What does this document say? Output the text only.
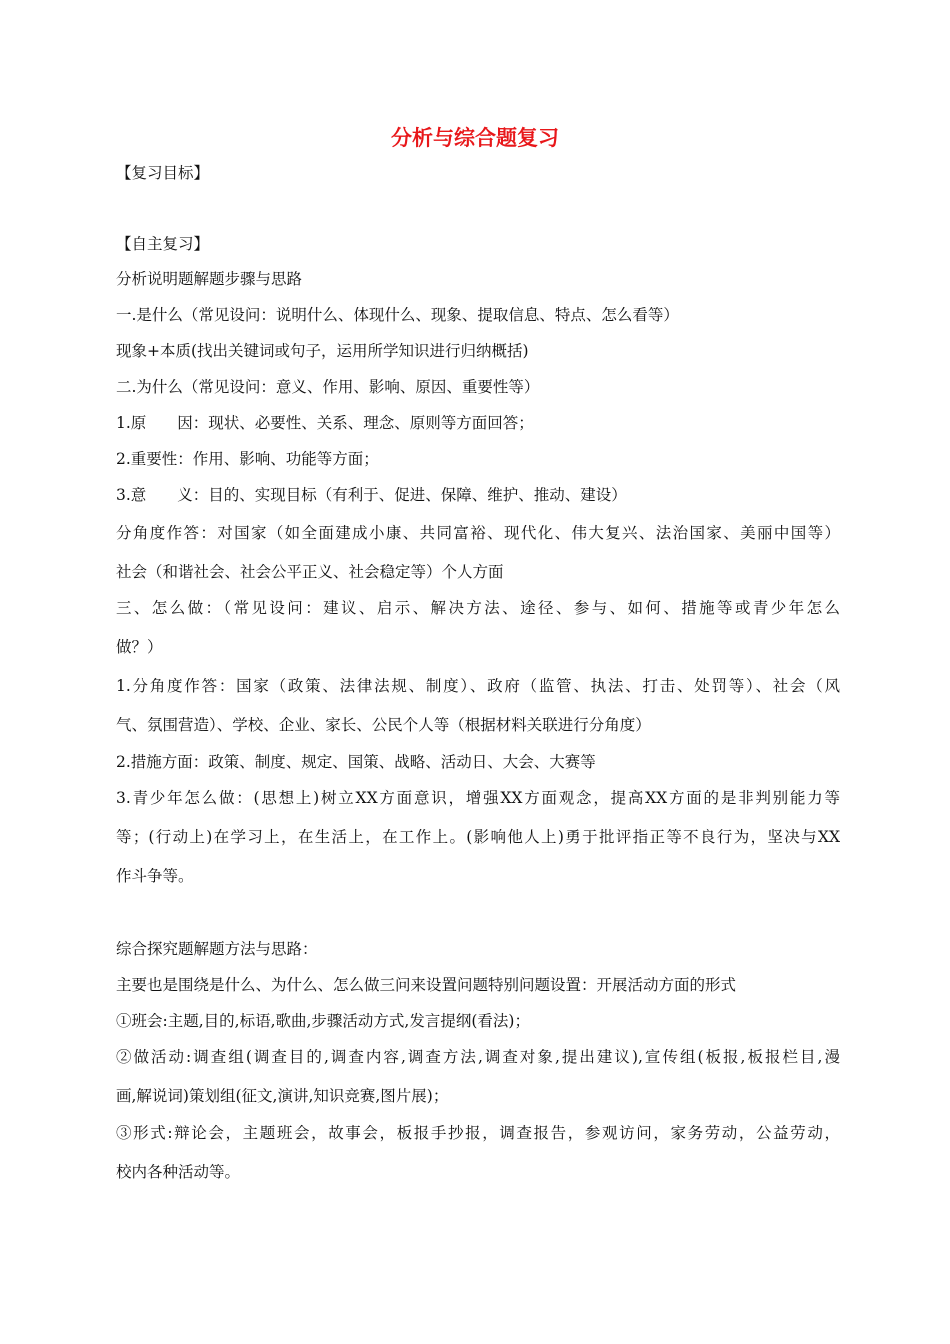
分析与综合题复习
【复习目标】
【自主复习】
分析说明题解题步骤与思路
一.是什么（常见设问：说明什么、体现什么、现象、提取信息、特点、怎么看等）
现象+本质(找出关键词或句子，运用所学知识进行归纳概括)
二.为什么（常见设问：意义、作用、影响、原因、重要性等）
1.原　　因：现状、必要性、关系、理念、原则等方面回答；
2.重要性：作用、影响、功能等方面；
3.意　　义：目的、实现目标（有利于、促进、保障、维护、推动、建设）
分角度作答：对国家（如全面建成小康、共同富裕、现代化、伟大复兴、法治国家、美丽中国等）
社会（和谐社会、社会公平正义、社会稳定等）个人方面
三、怎么做：（常见设问：建议、启示、解决方法、途径、参与、如何、措施等或青少年怎么
做？）
1.分角度作答：国家（政策、法律法规、制度）、政府（监管、执法、打击、处罚等）、社会（风
气、氛围营造）、学校、企业、家长、公民个人等（根据材料关联进行分角度）
2.措施方面：政策、制度、规定、国策、战略、活动日、大会、大赛等
3.青少年怎么做：(思想上)树立XX方面意识，增强XX方面观念，提高XX方面的是非判别能力等
等；(行动上)在学习上，在生活上，在工作上。(影响他人上)勇于批评指正等不良行为，坚决与XX
作斗争等。
综合探究题解题方法与思路：
主要也是围绕是什么、为什么、怎么做三问来设置问题特别问题设置：开展活动方面的形式
①班会:主题,目的,标语,歌曲,步骤活动方式,发言提纲(看法)；
②做活动:调查组(调查目的,调查内容,调查方法,调查对象,提出建议),宣传组(板报,板报栏目,漫
画,解说词)策划组(征文,演讲,知识竞赛,图片展)；
③形式:辩论会，主题班会，故事会，板报手抄报，调查报告，参观访问，家务劳动，公益劳动，
校内各种活动等。
